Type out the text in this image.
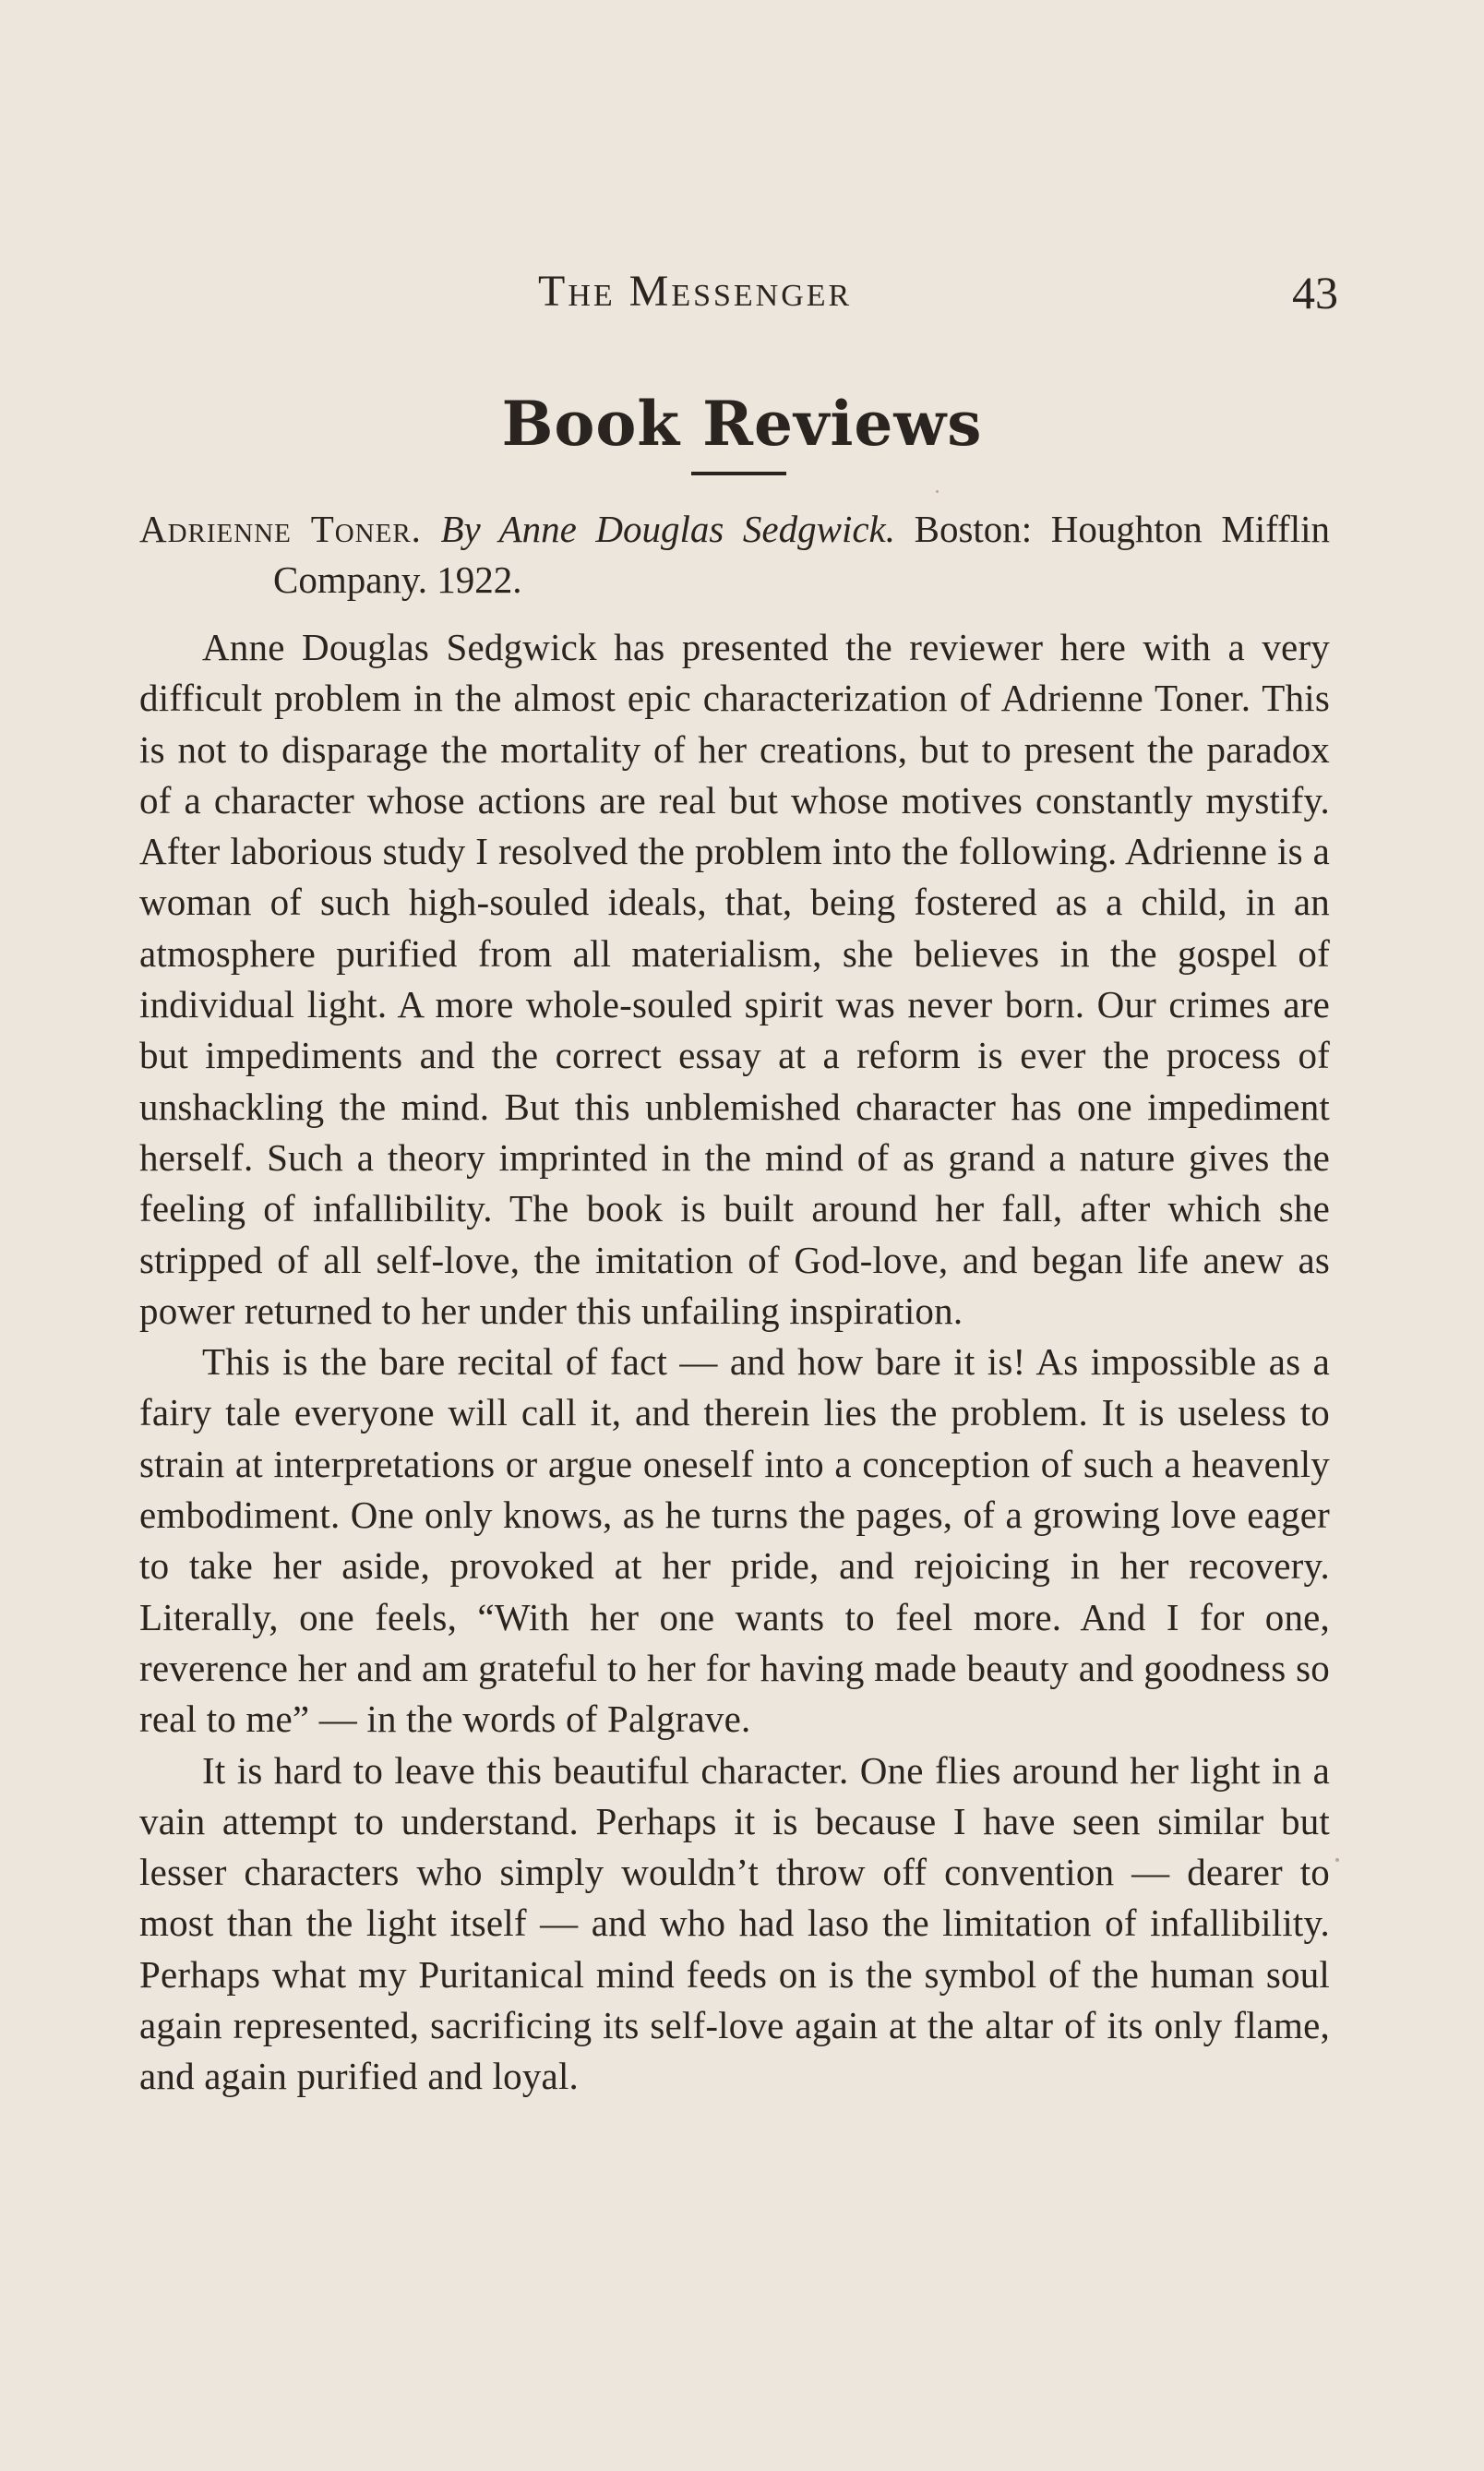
The Messenger	43
Book Reviews

Adrienne Toner. By Anne Douglas Sedgwick. Boston: Houghton Mifflin Company. 1922.

Anne Douglas Sedgwick has presented the reviewer here with a very difficult problem in the almost epic characterization of Adrienne Toner. This is not to disparage the mortality of her creations, but to present the paradox of a character whose actions are real but whose motives constantly mystify. After laborious study I resolved the problem into the following. Adrienne is a woman of such high-souled ideals, that, being fostered as a child, in an atmosphere purified from all materialism, she believes in the gospel of individual light. A more whole-souled spirit was never born. Our crimes are but impediments and the correct essay at a reform is ever the process of unshackling the mind. But this unblemished character has one impediment herself. Such a theory imprinted in the mind of as grand a nature gives the feeling of infallibility. The book is built around her fall, after which she stripped of all self-love, the imitation of God-love, and began life anew as power returned to her under this unfailing inspiration.

This is the bare recital of fact — and how bare it is! As impossible as a fairy tale everyone will call it, and therein lies the problem. It is useless to strain at interpretations or argue oneself into a conception of such a heavenly embodiment. One only knows, as he turns the pages, of a growing love eager to take her aside, provoked at her pride, and rejoicing in her recovery. Literally, one feels, “With her one wants to feel more. And I for one, reverence her and am grateful to her for having made beauty and goodness so real to me” — in the words of Palgrave.

It is hard to leave this beautiful character. One flies around her light in a vain attempt to understand. Perhaps it is because I have seen similar but lesser characters who simply wouldn’t throw off convention — dearer to most than the light itself — and who had laso the limitation of infallibility. Perhaps what my Puritanical mind feeds on is the symbol of the human soul again represented, sacrificing its self-love again at the altar of its only flame, and again purified and loyal.
